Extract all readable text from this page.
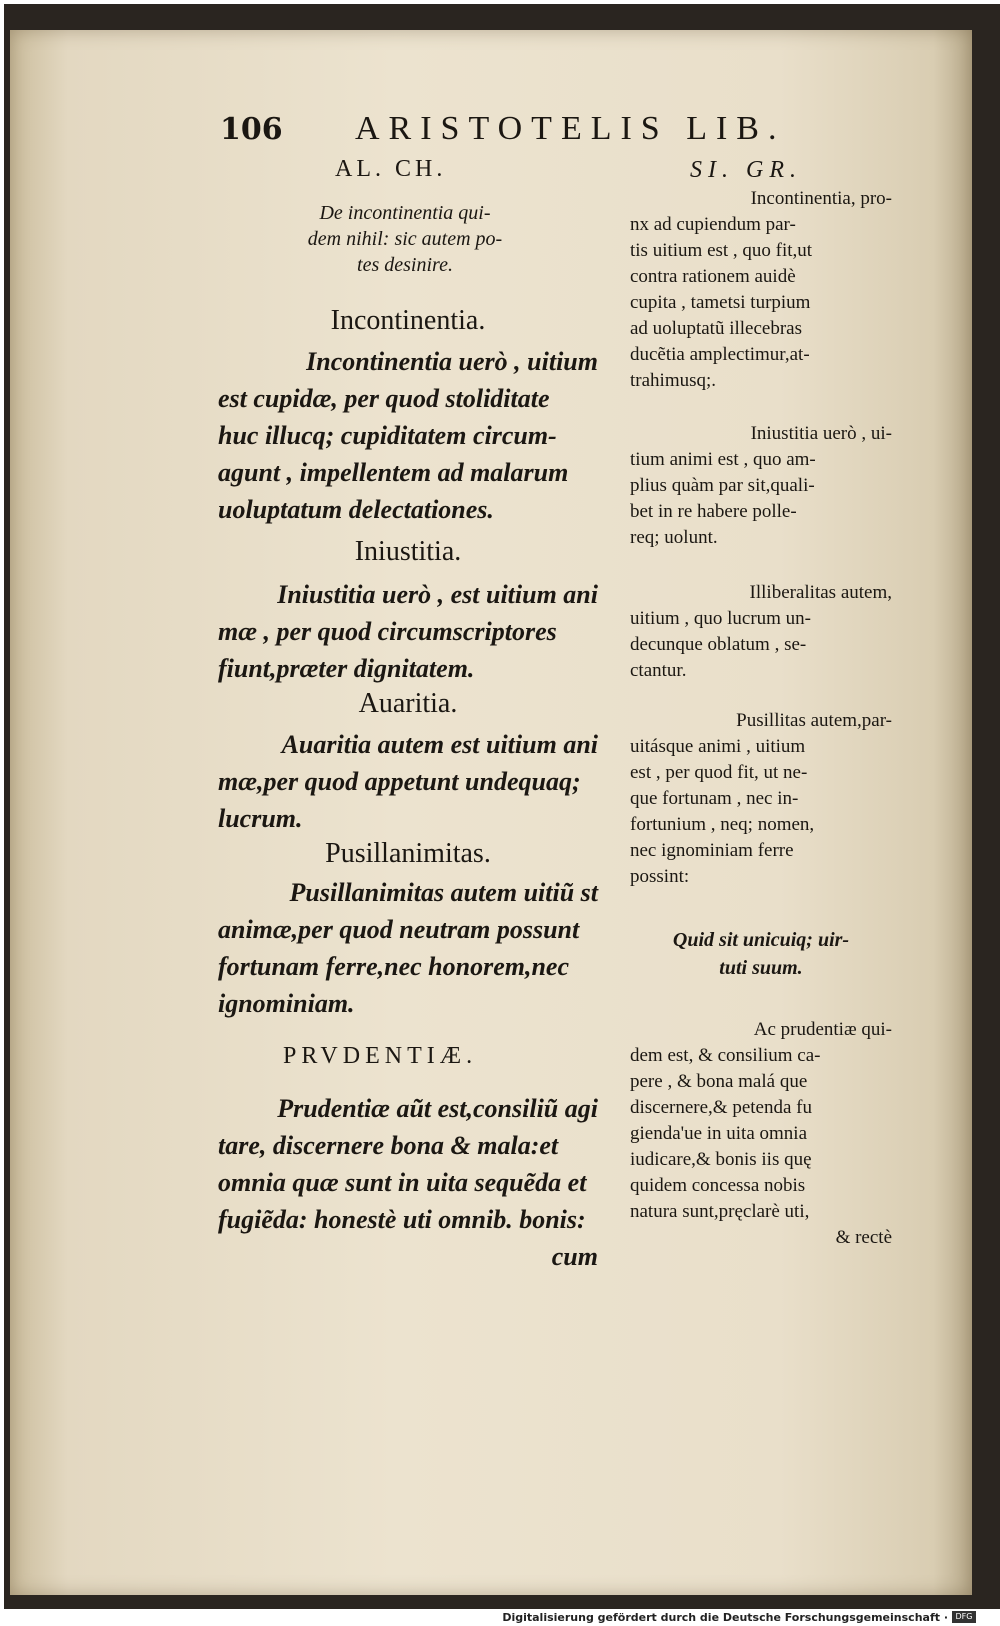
106 ARISTOTELIS LIB.
AL. CH.	SI. GR.
De incontinentia qui-
dem nihil: sic autem po-
tes desinire.
Incontinentia.
Incontinentia uerò , uitium
est cupidæ, per quod stoliditate
huc illucq; cupiditatem circum-
agunt , impellentem ad malarum
uoluptatum delectationes.
Iniustitia.
Iniustitia uerò , est uitium ani
mæ , per quod circumscriptores
fiunt,præter dignitatem.
Auaritia.
Auaritia autem est uitium ani
mæ,per quod appetunt undequaq;
lucrum.
Pusillanimitas.
Pusillanimitas autem uitiũ st
animæ,per quod neutram possunt
fortunam ferre,nec honorem,nec
ignominiam.
PRVDENTIÆ.
Prudentiæ aũt est,consiliũ agi
tare, discernere bona & mala:et
omnia quæ sunt in uita sequẽda et
fugiẽda: honestè uti omnib. bonis:
cum
Incontinentia, pro-
nx ad cupiendum par-
tis uitium est , quo fit,ut
contra rationem auidè
cupita , tametsi turpium
ad uoluptatũ illecebras
ducẽtia amplectimur,at-
trahimusq;.
Iniustitia uerò , ui-
tium animi est , quo am-
plius quàm par sit,quali-
bet in re habere polle-
req; uolunt.
Illiberalitas autem,
uitium , quo lucrum un-
decunque oblatum , se-
ctantur.
Pusillitas autem,par-
uitásque animi , uitium
est , per quod fit, ut ne-
que fortunam , nec in-
fortunium , neq; nomen,
nec ignominiam ferre
possint:
Quid sit unicuiq; uir-
tuti suum.
Ac prudentiæ qui-
dem est, & consilium ca-
pere , & bona malá que
discernere,& petenda fu
gienda'ue in uita omnia
iudicare,& bonis iis quę
quidem concessa nobis
natura sunt,pręclarè uti,
& rectè
Digitalisierung gefördert durch die Deutsche Forschungsgemeinschaft · DFG
